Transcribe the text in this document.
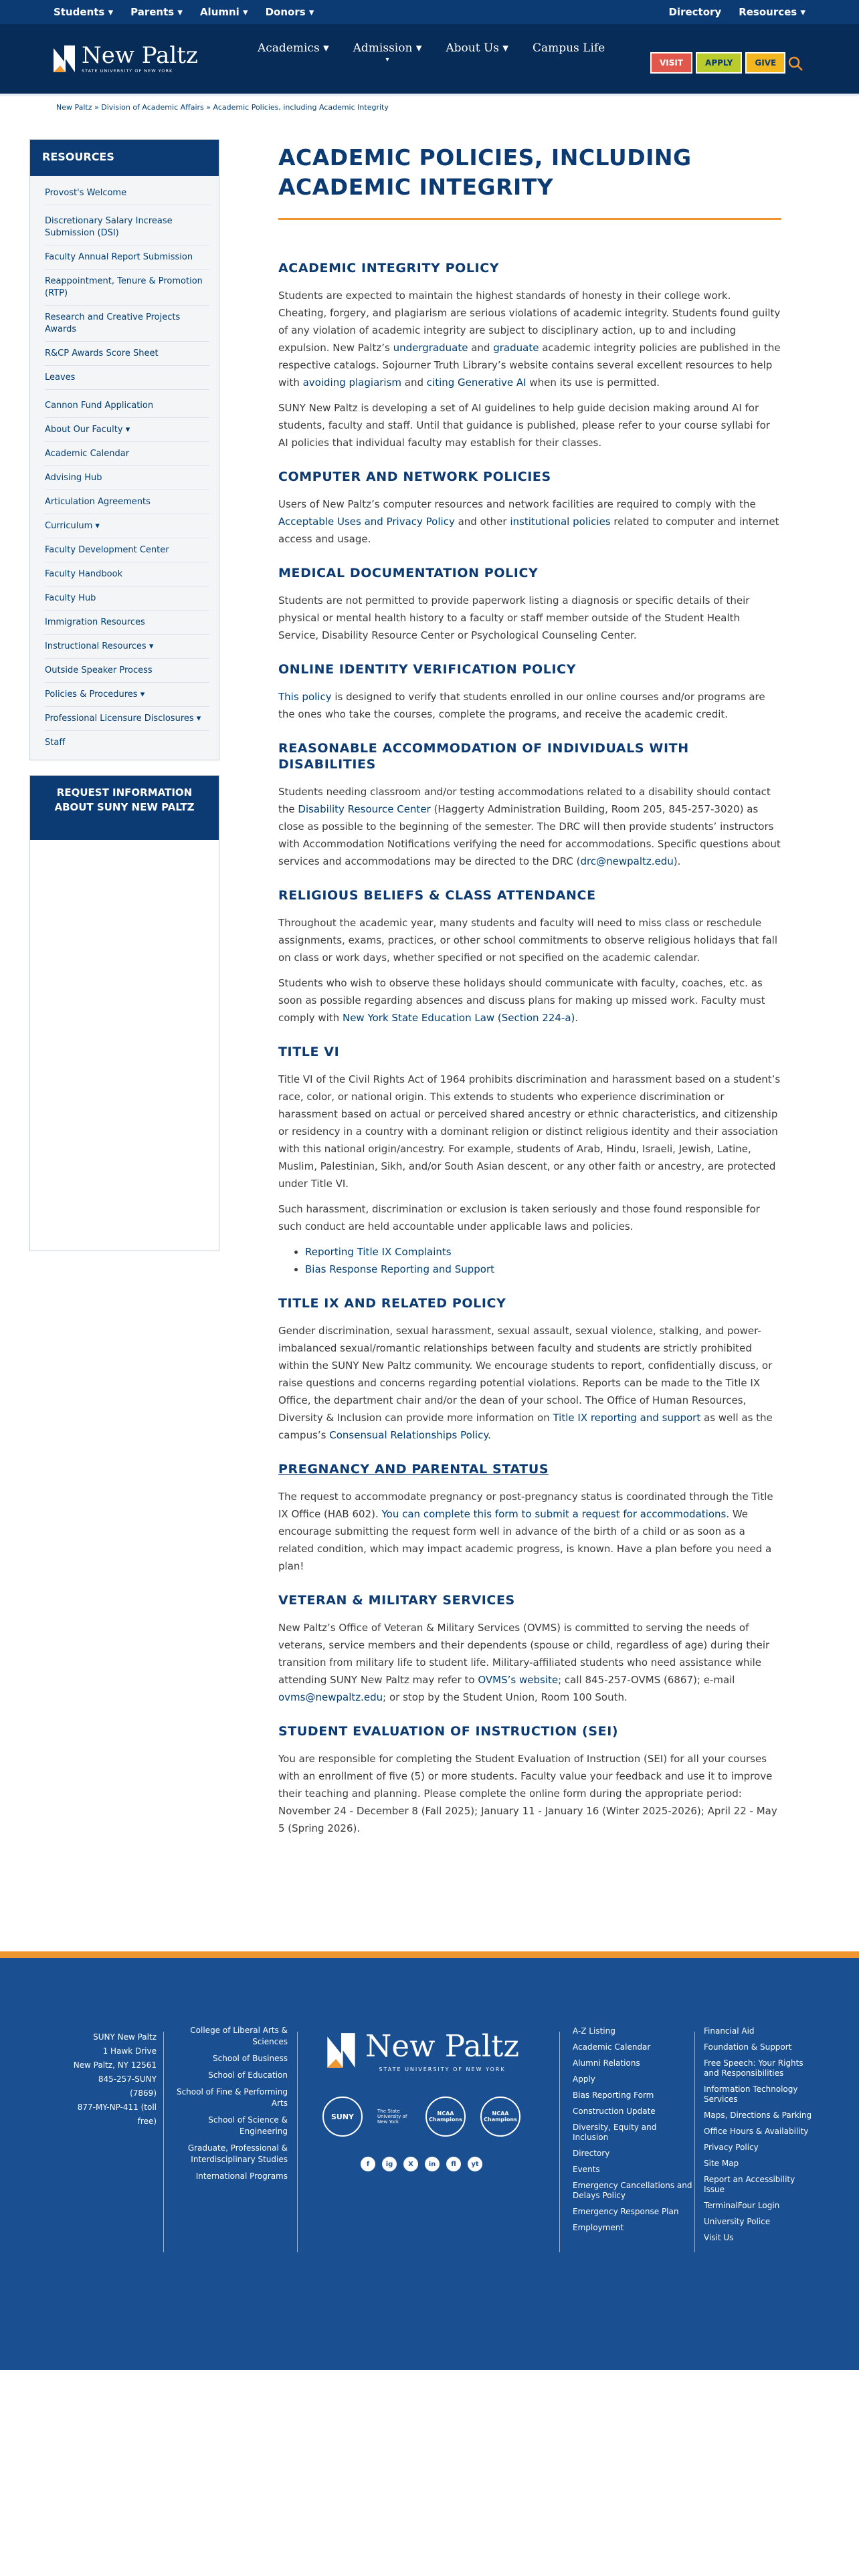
Students ▾ Parents ▾ Alumni ▾ Donors ▾	Directory Resources ▾
New Paltz
STATE UNIVERSITY OF NEW YORK
Academics ▾ Admission ▾
▾
About Us ▾ Campus Life
VISIT	APPLY	GIVE
New Paltz » Division of Academic Affairs » Academic Policies, including Academic Integrity
RESOURCES
Provost's Welcome
Discretionary Salary Increase Submission (DSI)
Faculty Annual Report Submission
Reappointment, Tenure & Promotion (RTP)
Research and Creative Projects Awards
R&CP Awards Score Sheet
Leaves
Cannon Fund Application
About Our Faculty ▾
Academic Calendar
Advising Hub
Articulation Agreements
Curriculum ▾
Faculty Development Center
Faculty Handbook
Faculty Hub
Immigration Resources
Instructional Resources ▾
Outside Speaker Process
Policies & Procedures ▾
Professional Licensure Disclosures ▾
Staff
REQUEST INFORMATION ABOUT SUNY NEW PALTZ
ACADEMIC POLICIES, INCLUDING ACADEMIC INTEGRITY
ACADEMIC INTEGRITY POLICY

Students are expected to maintain the highest standards of honesty in their college work. Cheating, forgery, and plagiarism are serious violations of academic integrity. Students found guilty of any violation of academic integrity are subject to disciplinary action, up to and including expulsion. New Paltz’s undergraduate and graduate academic integrity policies are published in the respective catalogs. Sojourner Truth Library’s website contains several excellent resources to help with avoiding plagiarism and citing Generative AI when its use is permitted.

SUNY New Paltz is developing a set of AI guidelines to help guide decision making around AI for students, faculty and staff. Until that guidance is published, please refer to your course syllabi for AI policies that individual faculty may establish for their classes.

COMPUTER AND NETWORK POLICIES

Users of New Paltz’s computer resources and network facilities are required to comply with the Acceptable Uses and Privacy Policy and other institutional policies related to computer and internet access and usage.

MEDICAL DOCUMENTATION POLICY

Students are not permitted to provide paperwork listing a diagnosis or specific details of their physical or mental health history to a faculty or staff member outside of the Student Health Service, Disability Resource Center or Psychological Counseling Center.

ONLINE IDENTITY VERIFICATION POLICY

This policy is designed to verify that students enrolled in our online courses and/or programs are the ones who take the courses, complete the programs, and receive the academic credit.

REASONABLE ACCOMMODATION OF INDIVIDUALS WITH DISABILITIES

Students needing classroom and/or testing accommodations related to a disability should contact the Disability Resource Center (Haggerty Administration Building, Room 205, 845-257-3020) as close as possible to the beginning of the semester. The DRC will then provide students’ instructors with Accommodation Notifications verifying the need for accommodations. Specific questions about services and accommodations may be directed to the DRC (drc@newpaltz.edu).

RELIGIOUS BELIEFS & CLASS ATTENDANCE

Throughout the academic year, many students and faculty will need to miss class or reschedule assignments, exams, practices, or other school commitments to observe religious holidays that fall on class or work days, whether specified or not specified on the academic calendar.

Students who wish to observe these holidays should communicate with faculty, coaches, etc. as soon as possible regarding absences and discuss plans for making up missed work. Faculty must comply with New York State Education Law (Section 224-a).

TITLE VI

Title VI of the Civil Rights Act of 1964 prohibits discrimination and harassment based on a student’s race, color, or national origin. This extends to students who experience discrimination or harassment based on actual or perceived shared ancestry or ethnic characteristics, and citizenship or residency in a country with a dominant religion or distinct religious identity and their association with this national origin/ancestry. For example, students of Arab, Hindu, Israeli, Jewish, Latine, Muslim, Palestinian, Sikh, and/or South Asian descent, or any other faith or ancestry, are protected under Title VI.

Such harassment, discrimination or exclusion is taken seriously and those found responsible for such conduct are held accountable under applicable laws and policies.

• Reporting Title IX Complaints
• Bias Response Reporting and Support
TITLE IX AND RELATED POLICY

Gender discrimination, sexual harassment, sexual assault, sexual violence, stalking, and power-imbalanced sexual/romantic relationships between faculty and students are strictly prohibited within the SUNY New Paltz community. We encourage students to report, confidentially discuss, or raise questions and concerns regarding potential violations. Reports can be made to the Title IX Office, the department chair and/or the dean of your school. The Office of Human Resources, Diversity & Inclusion can provide more information on Title IX reporting and support as well as the campus’s Consensual Relationships Policy.

PREGNANCY AND PARENTAL STATUS

The request to accommodate pregnancy or post-pregnancy status is coordinated through the Title IX Office (HAB 602). You can complete this form to submit a request for accommodations. We encourage submitting the request form well in advance of the birth of a child or as soon as a related condition, which may impact academic progress, is known. Have a plan before you need a plan!

VETERAN & MILITARY SERVICES

New Paltz’s Office of Veteran & Military Services (OVMS) is committed to serving the needs of veterans, service members and their dependents (spouse or child, regardless of age) during their transition from military life to student life. Military-affiliated students who need assistance while attending SUNY New Paltz may refer to OVMS’s website; call 845-257-OVMS (6867); e-mail ovms@newpaltz.edu; or stop by the Student Union, Room 100 South.

STUDENT EVALUATION OF INSTRUCTION (SEI)

You are responsible for completing the Student Evaluation of Instruction (SEI) for all your courses with an enrollment of five (5) or more students. Faculty value your feedback and use it to improve their teaching and planning. Please complete the online form during the appropriate period: November 24 - December 8 (Fall 2025); January 11 - January 16 (Winter 2025-2026); April 22 - May 5 (Spring 2026).

SUNY New Paltz
1 Hawk Drive
New Paltz, NY 12561
845-257-SUNY (7869)
877-MY-NP-411 (toll free)
College of Liberal Arts & Sciences
School of Business
School of Education
School of Fine & Performing Arts
School of Science & Engineering
Graduate, Professional & Interdisciplinary Studies
International Programs
New Paltz
STATE UNIVERSITY OF NEW YORK
SUNY
The State University of New York
NCAA Champions
NCAA Champions
f	ig	X	in	fl	yt
A-Z Listing
Academic Calendar
Alumni Relations
Apply
Bias Reporting Form
Construction Update
Diversity, Equity and Inclusion
Directory
Events
Emergency Cancellations and Delays Policy
Emergency Response Plan
Employment
Financial Aid
Foundation & Support
Free Speech: Your Rights and Responsibilities
Information Technology Services
Maps, Directions & Parking
Office Hours & Availability
Privacy Policy
Site Map
Report an Accessibility Issue
TerminalFour Login
University Police
Visit Us
